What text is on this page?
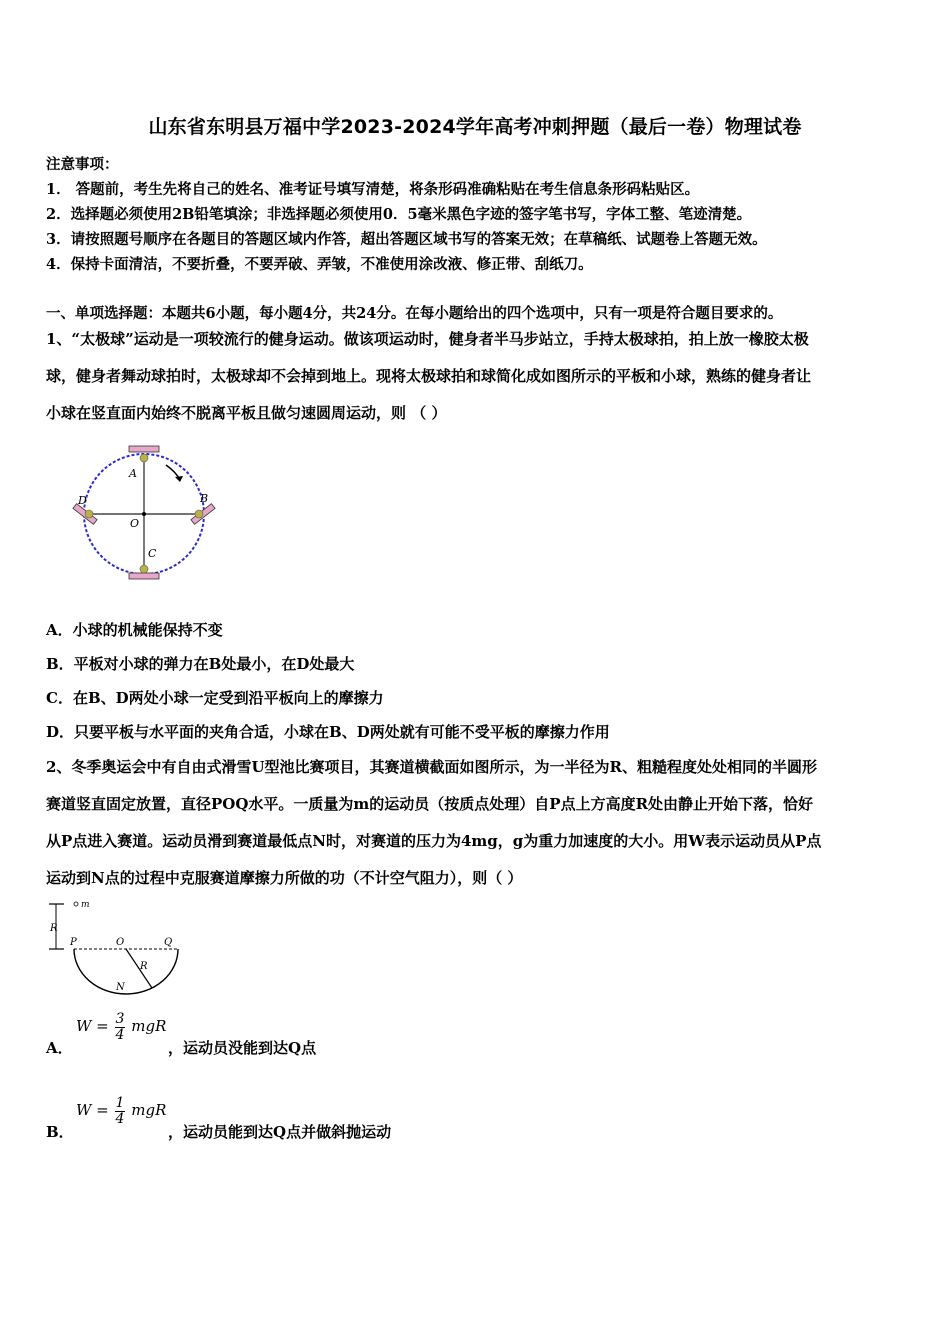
山东省东明县万福中学2023-2024学年高考冲刺押题（最后一卷）物理试卷
注意事项：
1． 答题前，考生先将自己的姓名、准考证号填写清楚，将条形码准确粘贴在考生信息条形码粘贴区。
2．选择题必须使用2B铅笔填涂；非选择题必须使用0．5毫米黑色字迹的签字笔书写，字体工整、笔迹清楚。
3．请按照题号顺序在各题目的答题区域内作答，超出答题区域书写的答案无效；在草稿纸、试题卷上答题无效。
4．保持卡面清洁，不要折叠，不要弄破、弄皱，不准使用涂改液、修正带、刮纸刀。
一、单项选择题：本题共6小题，每小题4分，共24分。在每小题给出的四个选项中，只有一项是符合题目要求的。
1、“太极球”运动是一项较流行的健身运动。做该项运动时，健身者半马步站立，手持太极球拍，拍上放一橡胶太极
球，健身者舞动球拍时，太极球却不会掉到地上。现将太极球拍和球简化成如图所示的平板和小球，熟练的健身者让
小球在竖直面内始终不脱离平板且做匀速圆周运动，则 （ ）
A
B
C
D
O
A．小球的机械能保持不变
B．平板对小球的弹力在B处最小，在D处最大
C．在B、D两处小球一定受到沿平板向上的摩擦力
D．只要平板与水平面的夹角合适，小球在B、D两处就有可能不受平板的摩擦力作用
2、冬季奥运会中有自由式滑雪U型池比赛项目，其赛道横截面如图所示，为一半径为R、粗糙程度处处相同的半圆形
赛道竖直固定放置，直径POQ水平。一质量为m的运动员（按质点处理）自P点上方高度R处由静止开始下落，恰好
从P点进入赛道。运动员滑到赛道最低点N时，对赛道的压力为4mg，g为重力加速度的大小。用W表示运动员从P点
运动到N点的过程中克服赛道摩擦力所做的功（不计空气阻力），则（ ）
m
R
P	O	Q
R
N
A．
$W = \frac{3}{4}$ mgR
，运动员没能到达Q点
B．
$W = \frac{1}{4}$ mgR
，运动员能到达Q点并做斜抛运动
